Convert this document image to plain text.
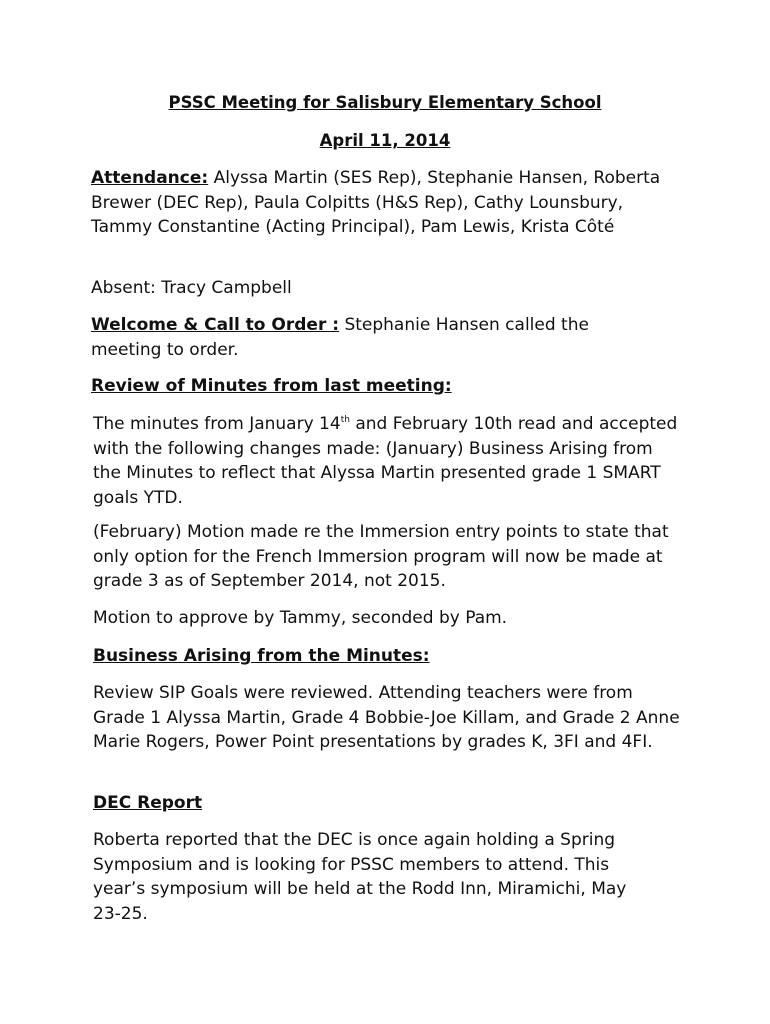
PSSC Meeting for Salisbury Elementary School

April 11, 2014

Attendance: Alyssa Martin (SES Rep), Stephanie Hansen, Roberta Brewer (DEC Rep), Paula Colpitts (H&S Rep), Cathy Lounsbury, Tammy Constantine (Acting Principal), Pam Lewis, Krista Côté

Absent: Tracy Campbell

Welcome & Call to Order : Stephanie Hansen called the meeting to order.

Review of Minutes from last meeting:

The minutes from January 14th and February 10th read and accepted with the following changes made: (January) Business Arising from the Minutes to reflect that Alyssa Martin presented grade 1 SMART goals YTD.

(February) Motion made re the Immersion entry points to state that only option for the French Immersion program will now be made at grade 3 as of September 2014, not 2015.

Motion to approve by Tammy, seconded by Pam.

Business Arising from the Minutes:

Review SIP Goals were reviewed. Attending teachers were from Grade 1 Alyssa Martin, Grade 4 Bobbie-Joe Killam, and Grade 2 Anne Marie Rogers, Power Point presentations by grades K, 3FI and 4FI.

DEC Report

Roberta reported that the DEC is once again holding a Spring Symposium and is looking for PSSC members to attend. This year’s symposium will be held at the Rodd Inn, Miramichi, May 23-25.
